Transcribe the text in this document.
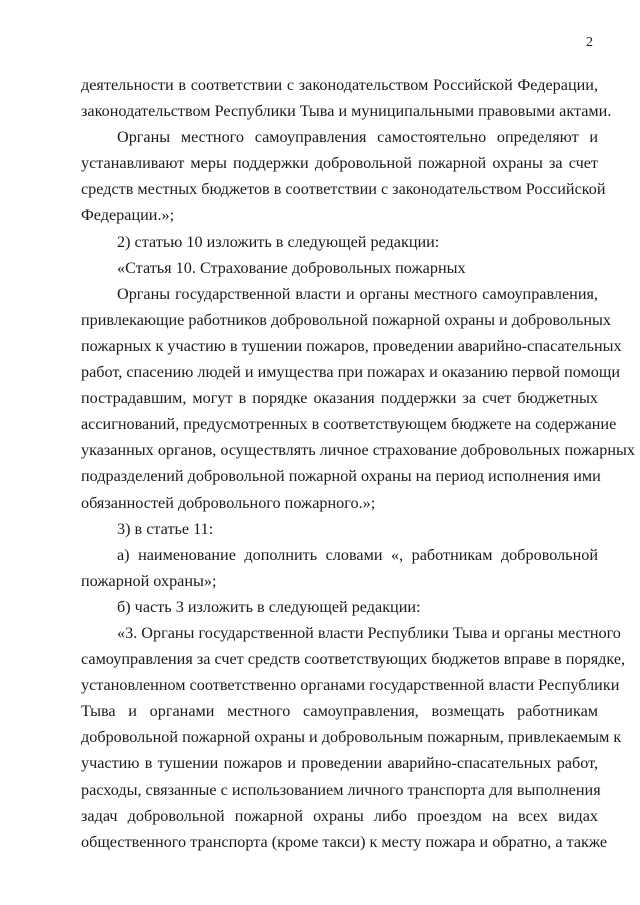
2
деятельности в соответствии с законодательством Российской Федерации,
законодательством Республики Тыва и муниципальными правовыми актами.
Органы местного самоуправления самостоятельно определяют и
устанавливают меры поддержки добровольной пожарной охраны за счет
средств местных бюджетов в соответствии с законодательством Российской
Федерации.»;
2) статью 10 изложить в следующей редакции:
«Статья 10. Страхование добровольных пожарных
Органы государственной власти и органы местного самоуправления,
привлекающие работников добровольной пожарной охраны и добровольных
пожарных к участию в тушении пожаров, проведении аварийно-спасательных
работ, спасению людей и имущества при пожарах и оказанию первой помощи
пострадавшим, могут в порядке оказания поддержки за счет бюджетных
ассигнований, предусмотренных в соответствующем бюджете на содержание
указанных органов, осуществлять личное страхование добровольных пожарных
подразделений добровольной пожарной охраны на период исполнения ими
обязанностей добровольного пожарного.»;
3) в статье 11:
а) наименование дополнить словами «, работникам добровольной
пожарной охраны»;
б) часть 3 изложить в следующей редакции:
«3. Органы государственной власти Республики Тыва и органы местного
самоуправления за счет средств соответствующих бюджетов вправе в порядке,
установленном соответственно органами государственной власти Республики
Тыва и органами местного самоуправления, возмещать работникам
добровольной пожарной охраны и добровольным пожарным, привлекаемым к
участию в тушении пожаров и проведении аварийно-спасательных работ,
расходы, связанные с использованием личного транспорта для выполнения
задач добровольной пожарной охраны либо проездом на всех видах
общественного транспорта (кроме такси) к месту пожара и обратно, а также
